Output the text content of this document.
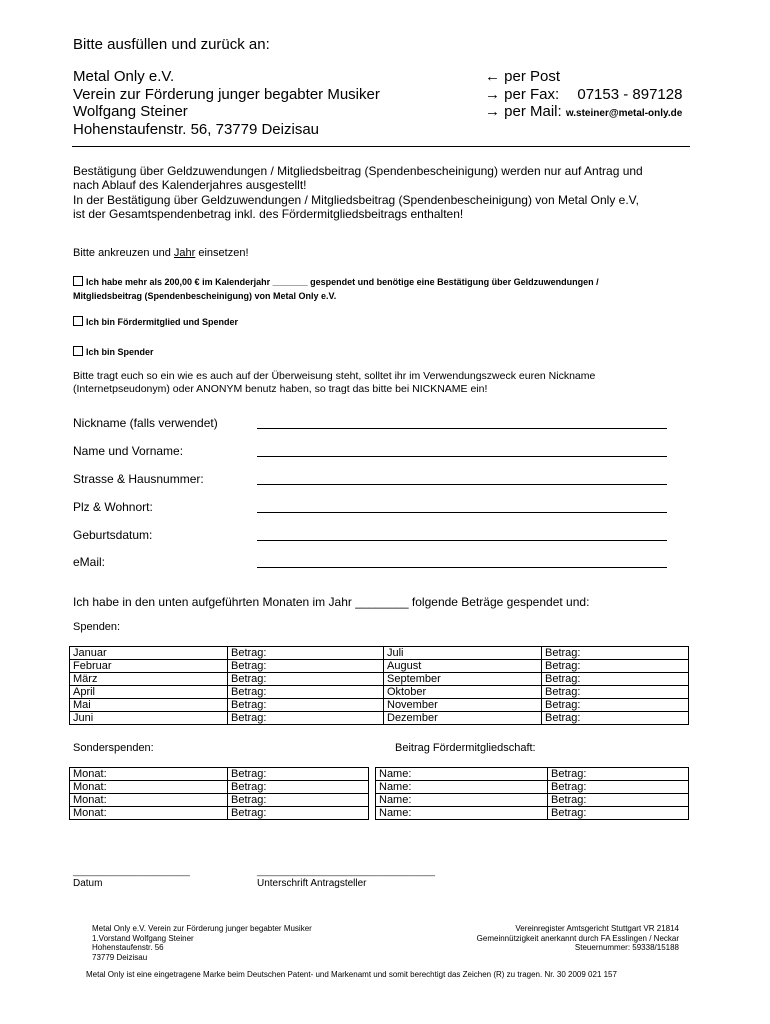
Bitte ausfüllen und zurück an:
Metal Only e.V.
Verein zur Förderung junger begabter Musiker
Wolfgang Steiner
Hohenstaufenstr. 56, 73779 Deizisau
← per Post
→ per Fax: 07153 - 897128
→ per Mail: w.steiner@metal-only.de
Bestätigung über Geldzuwendungen / Mitgliedsbeitrag (Spendenbescheinigung) werden nur auf Antrag und
nach Ablauf des Kalenderjahres ausgestellt!
In der Bestätigung über Geldzuwendungen / Mitgliedsbeitrag (Spendenbescheinigung) von Metal Only e.V,
ist der Gesamtspendenbetrag inkl. des Fördermitgliedsbeitrags enthalten!
Bitte ankreuzen und Jahr einsetzen!
Ich habe mehr als 200,00 € im Kalenderjahr _______ gespendet und benötige eine Bestätigung über Geldzuwendungen /
Mitgliedsbeitrag (Spendenbescheinigung) von Metal Only e.V.
Ich bin Fördermitglied und Spender
Ich bin Spender
Bitte tragt euch so ein wie es auch auf der Überweisung steht, solltet ihr im Verwendungszweck euren Nickname
(Internetpseudonym) oder ANONYM benutz haben, so tragt das bitte bei NICKNAME ein!
Nickname (falls verwendet)
Name und Vorname:
Strasse & Hausnummer:
Plz & Wohnort:
Geburtsdatum:
eMail:
Ich habe in den unten aufgeführten Monaten im Jahr ________ folgende Beträge gespendet und:
Spenden:
Januar	Betrag:	Juli	Betrag:
Februar	Betrag:	August	Betrag:
März	Betrag:	September	Betrag:
April	Betrag:	Oktober	Betrag:
Mai	Betrag:	November	Betrag:
Juni	Betrag:	Dezember	Betrag:
Sonderspenden:	Beitrag Fördermitgliedschaft:
Monat:	Betrag:
Monat:	Betrag:
Monat:	Betrag:
Monat:	Betrag:
Name:	Betrag:
Name:	Betrag:
Name:	Betrag:
Name:	Betrag:
_____________________	________________________________
Datum	Unterschrift Antragsteller
Metal Only e.V. Verein zur Förderung junger begabter Musiker
1.Vorstand Wolfgang Steiner
Hohenstaufenstr. 56
73779 Deizisau
Vereinregister Amtsgericht Stuttgart VR 21814
Gemeinnützigkeit anerkannt durch FA Esslingen / Neckar
Steuernummer: 59338/15188
Metal Only ist eine eingetragene Marke beim Deutschen Patent- und Markenamt und somit berechtigt das Zeichen (R) zu tragen. Nr. 30 2009 021 157
